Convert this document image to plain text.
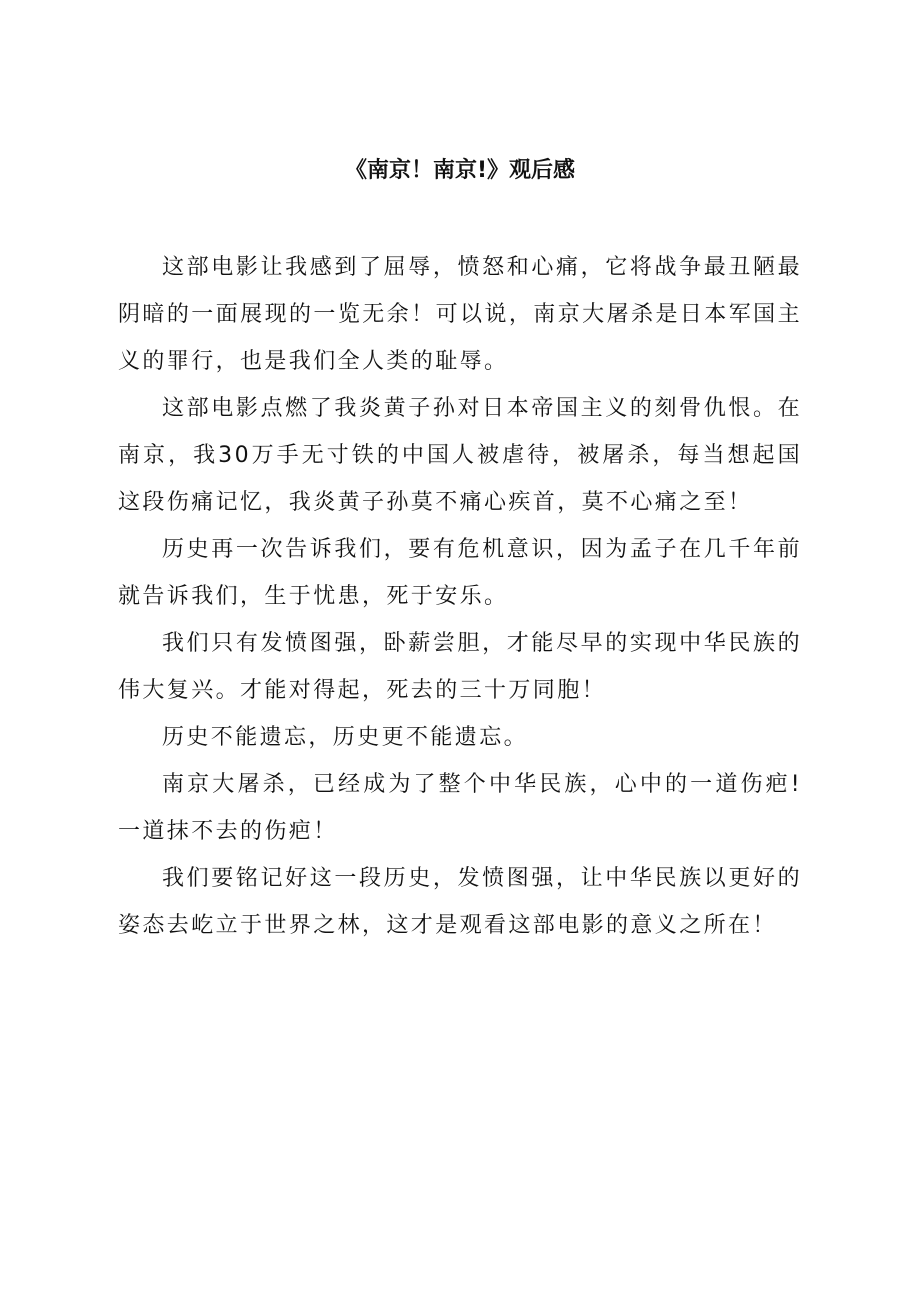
《南京！南京!》观后感

这部电影让我感到了屈辱，愤怒和心痛，它将战争最丑陋最阴暗的一面展现的一览无余！可以说，南京大屠杀是日本军国主义的罪行，也是我们全人类的耻辱。

这部电影点燃了我炎黄子孙对日本帝国主义的刻骨仇恨。在南京，我30万手无寸铁的中国人被虐待，被屠杀，每当想起国这段伤痛记忆，我炎黄子孙莫不痛心疾首，莫不心痛之至！

历史再一次告诉我们，要有危机意识，因为孟子在几千年前就告诉我们，生于忧患，死于安乐。

我们只有发愤图强，卧薪尝胆，才能尽早的实现中华民族的伟大复兴。才能对得起，死去的三十万同胞！

历史不能遗忘，历史更不能遗忘。

南京大屠杀，已经成为了整个中华民族，心中的一道伤疤!一道抹不去的伤疤！

我们要铭记好这一段历史，发愤图强，让中华民族以更好的姿态去屹立于世界之林，这才是观看这部电影的意义之所在！
